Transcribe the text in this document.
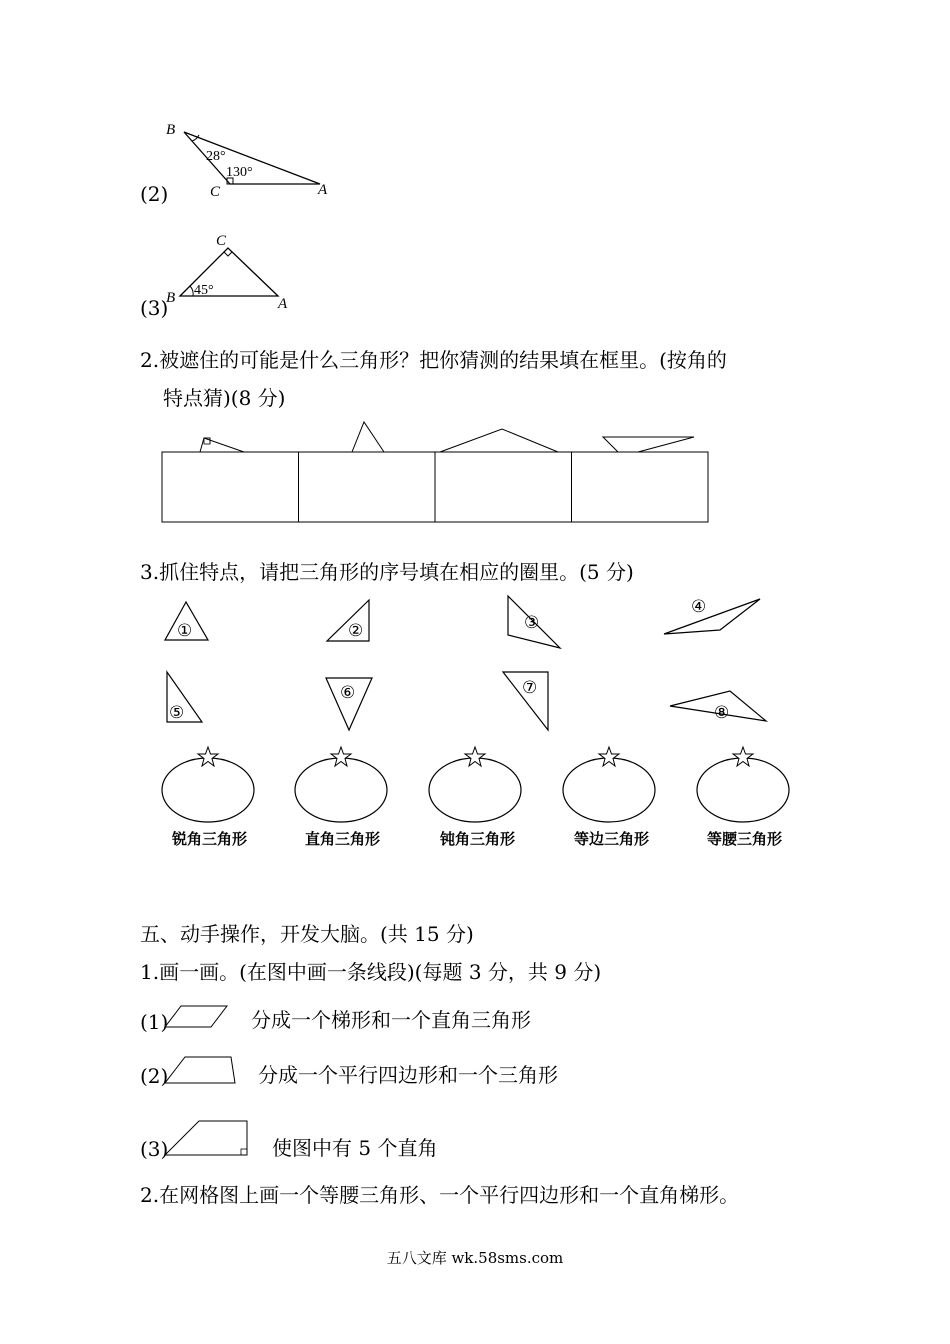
(2)
B
C	A
28°
130°
(3)
C
B	A
45°
2.被遮住的可能是什么三角形？把你猜测的结果填在框里。(按角的
特点猜)(8 分)
3.抓住特点，请把三角形的序号填在相应的圈里。(5 分)
①	②	③
④
⑤
⑥	⑦
⑧
锐角三角形	直角三角形	钝角三角形	等边三角形	等腰三角形
五、动手操作，开发大脑。(共 15 分)
1.画一画。(在图中画一条线段)(每题 3 分，共 9 分)
(1)	分成一个梯形和一个直角三角形
(2)	分成一个平行四边形和一个三角形
(3)	使图中有 5 个直角
2.在网格图上画一个等腰三角形、一个平行四边形和一个直角梯形。
五八文库 wk.58sms.com
